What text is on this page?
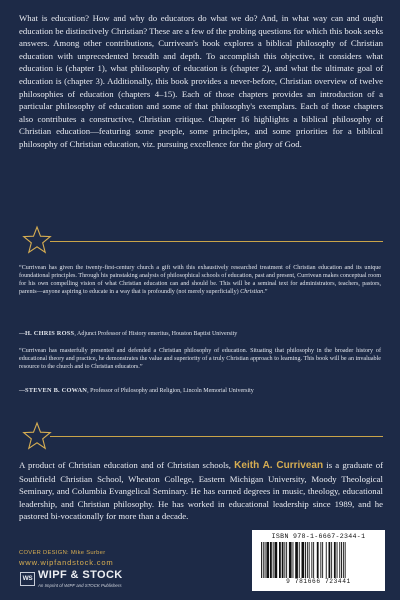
What is education? How and why do educators do what we do? And, in what way can and ought education be distinctively Christian? These are a few of the probing questions for which this book seeks answers. Among other contributions, Currivean's book explores a biblical philosophy of Christian education with unprecedented breadth and depth. To accomplish this objective, it considers what education is (chapter 1), what philosophy of education is (chapter 2), and what the ultimate goal of education is (chapter 3). Additionally, this book provides a never-before, Christian overview of twelve philosophies of education (chapters 4–15). Each of those chapters provides an introduction of a particular philosophy of education and some of that philosophy's exemplars. Each of those chapters also contributes a constructive, Christian critique. Chapter 16 highlights a biblical philosophy of Christian education—featuring some people, some principles, and some priorities for a biblical philosophy of Christian education, viz. pursuing excellence for the glory of God.

“Currivean has given the twenty-first-century church a gift with this exhaustively researched treatment of Christian education and its unique foundational principles. Through his painstaking analysis of philosophical schools of education, past and present, Currivean makes conceptual room for his own compelling vision of what Christian education can and should be. This will be a seminal text for administrators, teachers, pastors, parents—anyone aspiring to educate in a way that is profoundly (not merely superficially) Christian.”

—H. CHRIS ROSS, Adjunct Professor of History emeritus, Houston Baptist University

“Currivean has masterfully presented and defended a Christian philosophy of education. Situating that philosophy in the broader history of educational theory and practice, he demonstrates the value and superiority of a truly Christian approach to learning. This book will be an invaluable resource to the church and to Christian educators.”

—STEVEN B. COWAN, Professor of Philosophy and Religion, Lincoln Memorial University

A product of Christian education and of Christian schools, Keith A. Currivean is a graduate of Southfield Christian School, Wheaton College, Eastern Michigan University, Moody Theological Seminary, and Columbia Evangelical Seminary. He has earned degrees in music, theology, educational leadership, and Christian philosophy. He has worked in educational leadership since 1989, and he pastored bi-vocationally for more than a decade.

COVER DESIGN: Mike Surber
www.wipfandstock.com
WS WIPF & STOCK
An Imprint of WIPF and STOCK Publishers
ISBN 978-1-6667-2344-1
9 781666 723441
